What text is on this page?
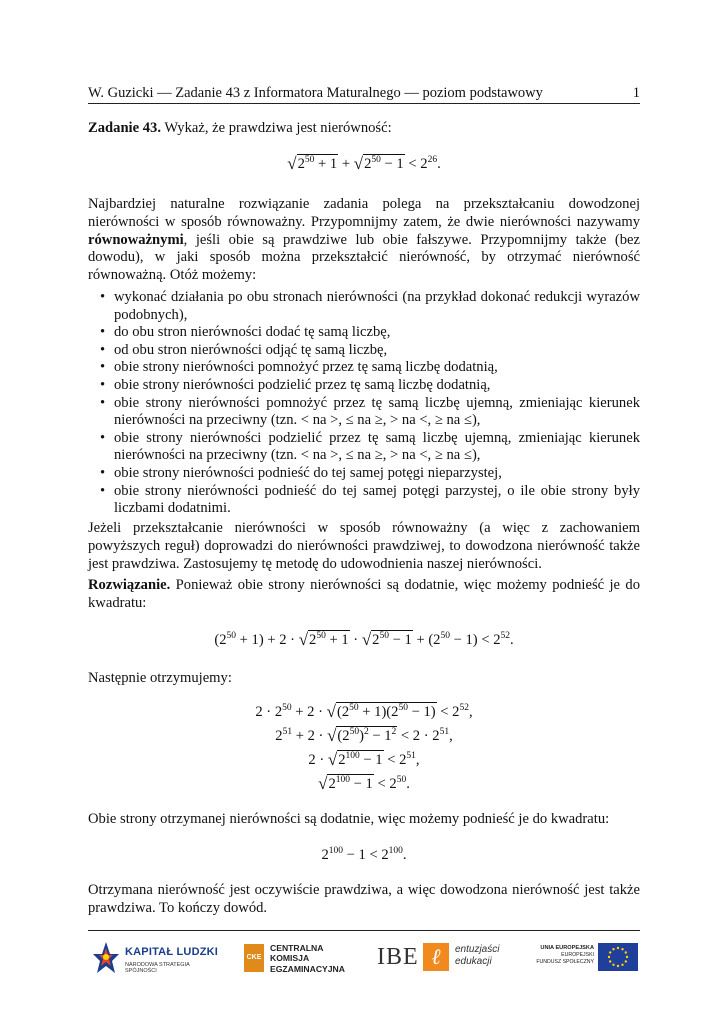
W. Guzicki — Zadanie 43 z Informatora Maturalnego — poziom podstawowy	1
Zadanie 43. Wykaż, że prawdziwa jest nierówność:
$√2^{50} + 1 + √2^{50} - 1 < 2^{26}$.
Najbardziej naturalne rozwiązanie zadania polega na przekształcaniu dowodzonej nierówności w sposób równoważny. Przypomnijmy zatem, że dwie nierówności nazywamy równoważnymi, jeśli obie są prawdziwe lub obie fałszywe. Przypomnijmy także (bez dowodu), w jaki sposób można przekształcić nierówność, by otrzymać nierówność równoważną. Otóż możemy:
• wykonać działania po obu stronach nierówności (na przykład dokonać redukcji wyrazów podobnych),
• do obu stron nierówności dodać tę samą liczbę,
• od obu stron nierówności odjąć tę samą liczbę,
• obie strony nierówności pomnożyć przez tę samą liczbę dodatnią,
• obie strony nierówności podzielić przez tę samą liczbę dodatnią,
• obie strony nierówności pomnożyć przez tę samą liczbę ujemną, zmieniając kierunek nierówności na przeciwny (tzn. < na >, ≤ na ≥, > na <, ≥ na ≤),
• obie strony nierówności podzielić przez tę samą liczbę ujemną, zmieniając kierunek nierówności na przeciwny (tzn. < na >, ≤ na ≥, > na <, ≥ na ≤),
• obie strony nierówności podnieść do tej samej potęgi nieparzystej,
• obie strony nierówności podnieść do tej samej potęgi parzystej, o ile obie strony były liczbami dodatnimi.
Jeżeli przekształcanie nierówności w sposób równoważny (a więc z zachowaniem powyższych reguł) doprowadzi do nierówności prawdziwej, to dowodzona nierówność także jest prawdziwa. Zastosujemy tę metodę do udowodnienia naszej nierówności.
Rozwiązanie. Ponieważ obie strony nierówności są dodatnie, więc możemy podnieść je do kwadratu:
$(2^{50} + 1) + 2 \cdot √2^{50} + 1 \cdot √2^{50} - 1 + (2^{50} - 1) < 2^{52}$.
Następnie otrzymujemy:
$2 \cdot 2^{50} + 2 \cdot √(2^{50} + 1)(2^{50} - 1) < 2^{52}$,
$2^{51} + 2 \cdot √(2^{50})^2 - 1^2 < 2 \cdot 2^{51}$,
$2 \cdot √2^{100} - 1 < 2^{51}$,
$√2^{100} - 1 < 2^{50}$.
Obie strony otrzymanej nierówności są dodatnie, więc możemy podnieść je do kwadratu:
$2^{100} - 1 < 2^{100}$.
Otrzymana nierówność jest oczywiście prawdziwa, a więc dowodzona nierówność jest także prawdziwa. To kończy dowód.
KAPITAŁ LUDZKI
NARODOWA STRATEGIA SPÓJNOŚCI
CKE
CENTRALNA
KOMISJA
EGZAMINACYJNA IBE ℓ	entuzjaści
edukacji
UNIA EUROPEJSKA
EUROPEJSKI
FUNDUSZ SPOŁECZNY
